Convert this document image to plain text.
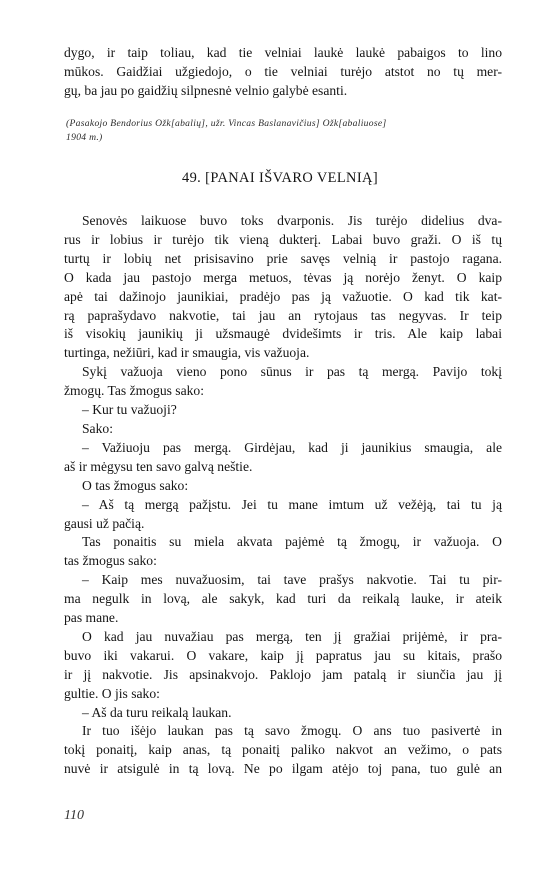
dygo, ir taip toliau, kad tie velniai laukė laukė pabaigos to lino

mūkos. Gaidžiai užgiedojo, o tie velniai turėjo atstot no tų mer-

gų, ba jau po gaidžių silpnesnė velnio galybė esanti.

(Pasakojo Bendorius Ožk[abalių], užr. Vincas Baslanavičius] Ožk[abaliuose]
1904 m.)
49. [PANAI IŠVARO VELNIĄ]

Senovės laikuose buvo toks dvarponis. Jis turėjo didelius dva-

rus ir lobius ir turėjo tik vieną dukterį. Labai buvo graži. O iš tų

turtų ir lobių net prisisavino prie savęs velnią ir pastojo ragana.

O kada jau pastojo merga metuos, tėvas ją norėjo ženyt. O kaip

apė tai dažinojo jaunikiai, pradėjo pas ją važuotie. O kad tik kat-

rą paprašydavo nakvotie, tai jau an rytojaus tas negyvas. Ir teip

iš visokių jaunikių ji užsmaugė dvidešimts ir tris. Ale kaip labai

turtinga, nežiūri, kad ir smaugia, vis važuoja.

Sykį važuoja vieno pono sūnus ir pas tą mergą. Pavijo tokį

žmogų. Tas žmogus sako:

– Kur tu važuoji?

Sako:

– Važiuoju pas mergą. Girdėjau, kad ji jaunikius smaugia, ale

aš ir mėgysu ten savo galvą neštie.

O tas žmogus sako:

– Aš tą mergą pažįstu. Jei tu mane imtum už vežėją, tai tu ją

gausi už pačią.

Tas ponaitis su miela akvata pajėmė tą žmogų, ir važuoja. O

tas žmogus sako:

– Kaip mes nuvažuosim, tai tave prašys nakvotie. Tai tu pir-

ma negulk in lovą, ale sakyk, kad turi da reikalą lauke, ir ateik

pas mane.

O kad jau nuvažiau pas mergą, ten jį gražiai prijėmė, ir pra-

buvo iki vakarui. O vakare, kaip jį papratus jau su kitais, prašo

ir jį nakvotie. Jis apsinakvojo. Paklojo jam patalą ir siunčia jau jį

gultie. O jis sako:

– Aš da turu reikalą laukan.

Ir tuo išėjo laukan pas tą savo žmogų. O ans tuo pasivertė in

tokį ponaitį, kaip anas, tą ponaitį paliko nakvot an vežimo, o pats

nuvė ir atsigulė in tą lovą. Ne po ilgam atėjo toj pana, tuo gulė an

110
